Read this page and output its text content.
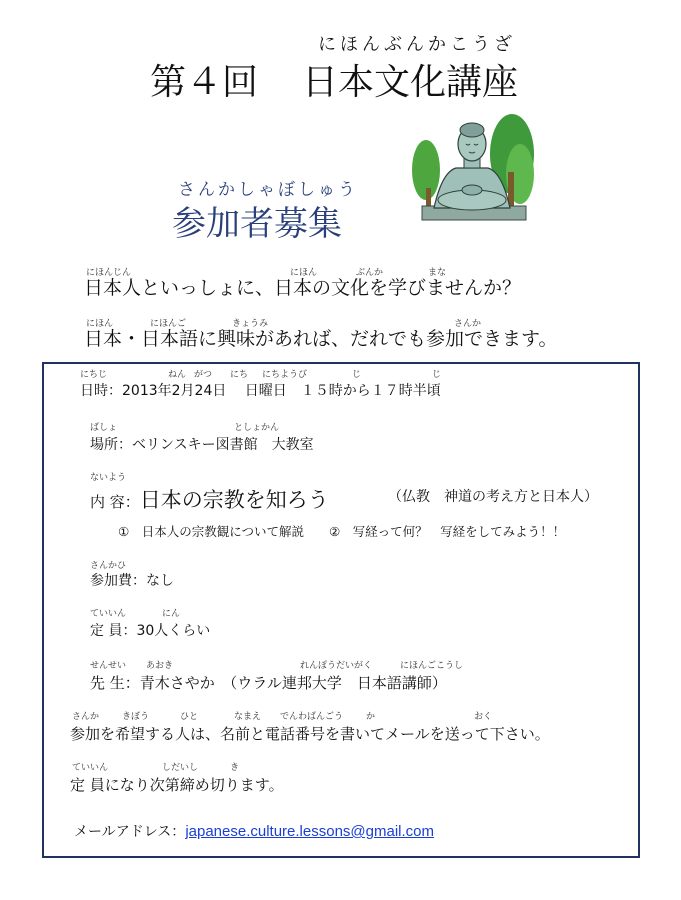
にほんぶんかこうざ
第４回 日本文化講座
さんかしゃぼしゅう
参加者募集
にほんじん	にほん	ぶんか	まな
日本人といっしょに、日本の文化を学びませんか？
にほん	にほんご	きょうみ	さんか
日本・日本語に興味があれば、だれでも参加できます。
にちじ	ねん がつ にち にちようび	じ	じ
日時：2013年2月24日　 日曜日　１５時から１７時半頃
ばしょ	としょかん
場所：ベリンスキー図書館　大教室
ないよう
内 容：日本の宗教を知ろう	（仏教　神道の考え方と日本人）
①　日本人の宗教観について解説　　②　写経って何？　写経をしてみよう！！
さんかひ
参加費：なし
ていいん	にん
定 員：30人くらい
せんせい あおき	れんぽうだいがく	にほんごこうし
先 生：青木さやか　（ウラル連邦大学　日本語講師）
さんか	きぼう	ひと	なまえ でんわばんごう	か	おく
参加を希望する人は、名前と電話番号を書いてメールを送って下さい。
ていいん	しだいし	き
定 員になり次第締め切ります。
メールアドレス：japanese.culture.lessons@gmail.com
